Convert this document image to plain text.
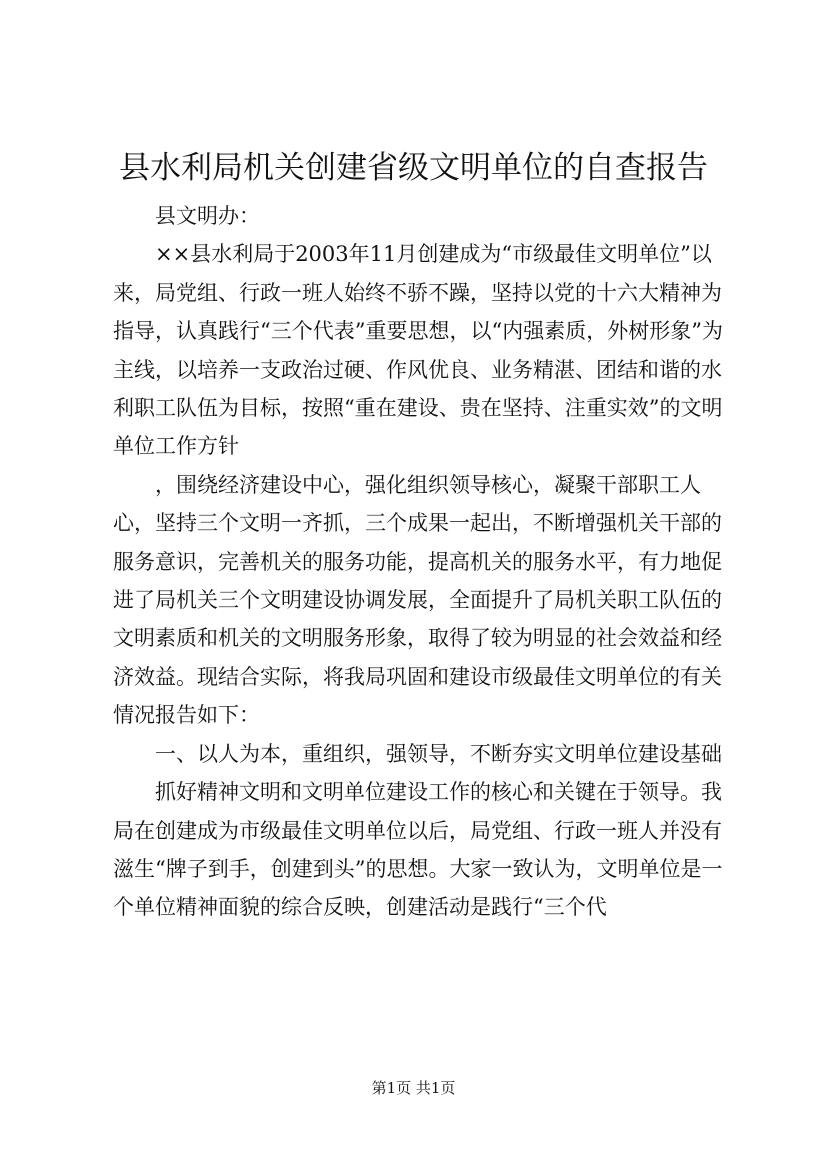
县水利局机关创建省级文明单位的自查报告

县文明办：

××县水利局于2003年11月创建成为“市级最佳文明单位”以来，局党组、行政一班人始终不骄不躁，坚持以党的十六大精神为指导，认真践行“三个代表”重要思想，以“内强素质，外树形象”为主线，以培养一支政治过硬、作风优良、业务精湛、团结和谐的水利职工队伍为目标，按照“重在建设、贵在坚持、注重实效”的文明单位工作方针

，围绕经济建设中心，强化组织领导核心，凝聚干部职工人心，坚持三个文明一齐抓，三个成果一起出，不断增强机关干部的服务意识，完善机关的服务功能，提高机关的服务水平，有力地促进了局机关三个文明建设协调发展，全面提升了局机关职工队伍的文明素质和机关的文明服务形象，取得了较为明显的社会效益和经济效益。现结合实际，将我局巩固和建设市级最佳文明单位的有关情况报告如下：

一、以人为本，重组织，强领导，不断夯实文明单位建设基础

抓好精神文明和文明单位建设工作的核心和关键在于领导。我局在创建成为市级最佳文明单位以后，局党组、行政一班人并没有滋生“牌子到手，创建到头”的思想。大家一致认为，文明单位是一个单位精神面貌的综合反映，创建活动是践行“三个代

第1页 共1页
